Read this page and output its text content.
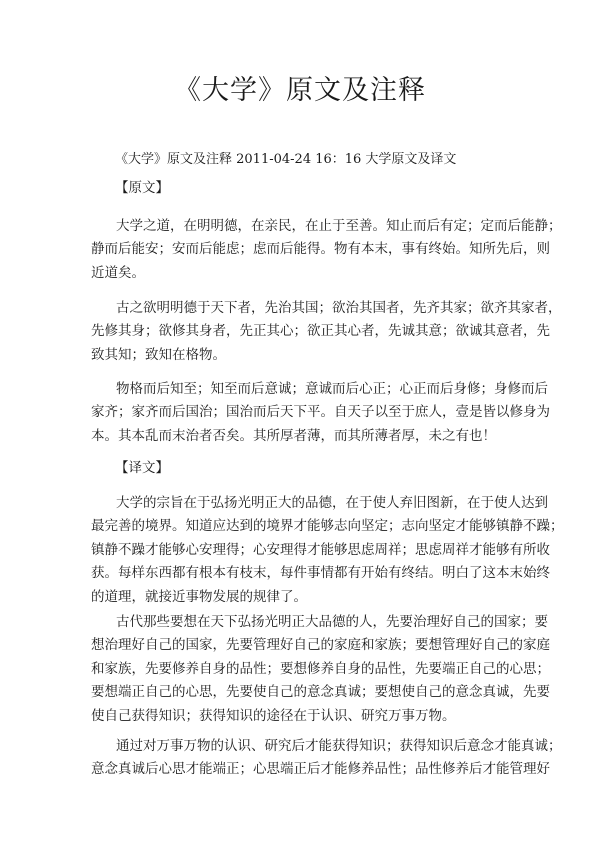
《大学》原文及注释
《大学》原文及注释 2011-04-24 16：16 大学原文及译文
【原文】
大学之道，在明明德，在亲民，在止于至善。知止而后有定；定而后能静；
静而后能安；安而后能虑；虑而后能得。物有本末，事有终始。知所先后，则
近道矣。
古之欲明明德于天下者，先治其国；欲治其国者，先齐其家；欲齐其家者，
先修其身；欲修其身者，先正其心；欲正其心者，先诚其意；欲诚其意者，先
致其知；致知在格物。
物格而后知至；知至而后意诚；意诚而后心正；心正而后身修；身修而后
家齐；家齐而后国治；国治而后天下平。自天子以至于庶人，壹是皆以修身为
本。其本乱而末治者否矣。其所厚者薄，而其所薄者厚，未之有也！
【译文】
大学的宗旨在于弘扬光明正大的品德，在于使人弃旧图新，在于使人达到
最完善的境界。知道应达到的境界才能够志向坚定；志向坚定才能够镇静不躁；
镇静不躁才能够心安理得；心安理得才能够思虑周祥；思虑周祥才能够有所收
获。每样东西都有根本有枝末，每件事情都有开始有终结。明白了这本末始终
的道理，就接近事物发展的规律了。
古代那些要想在天下弘扬光明正大品德的人，先要治理好自己的国家；要
想治理好自己的国家，先要管理好自己的家庭和家族；要想管理好自己的家庭
和家族，先要修养自身的品性；要想修养自身的品性，先要端正自己的心思；
要想端正自己的心思，先要使自己的意念真诚；要想使自己的意念真诚，先要
使自己获得知识；获得知识的途径在于认识、研究万事万物。
通过对万事万物的认识、研究后才能获得知识；获得知识后意念才能真诚；
意念真诚后心思才能端正；心思端正后才能修养品性；品性修养后才能管理好
